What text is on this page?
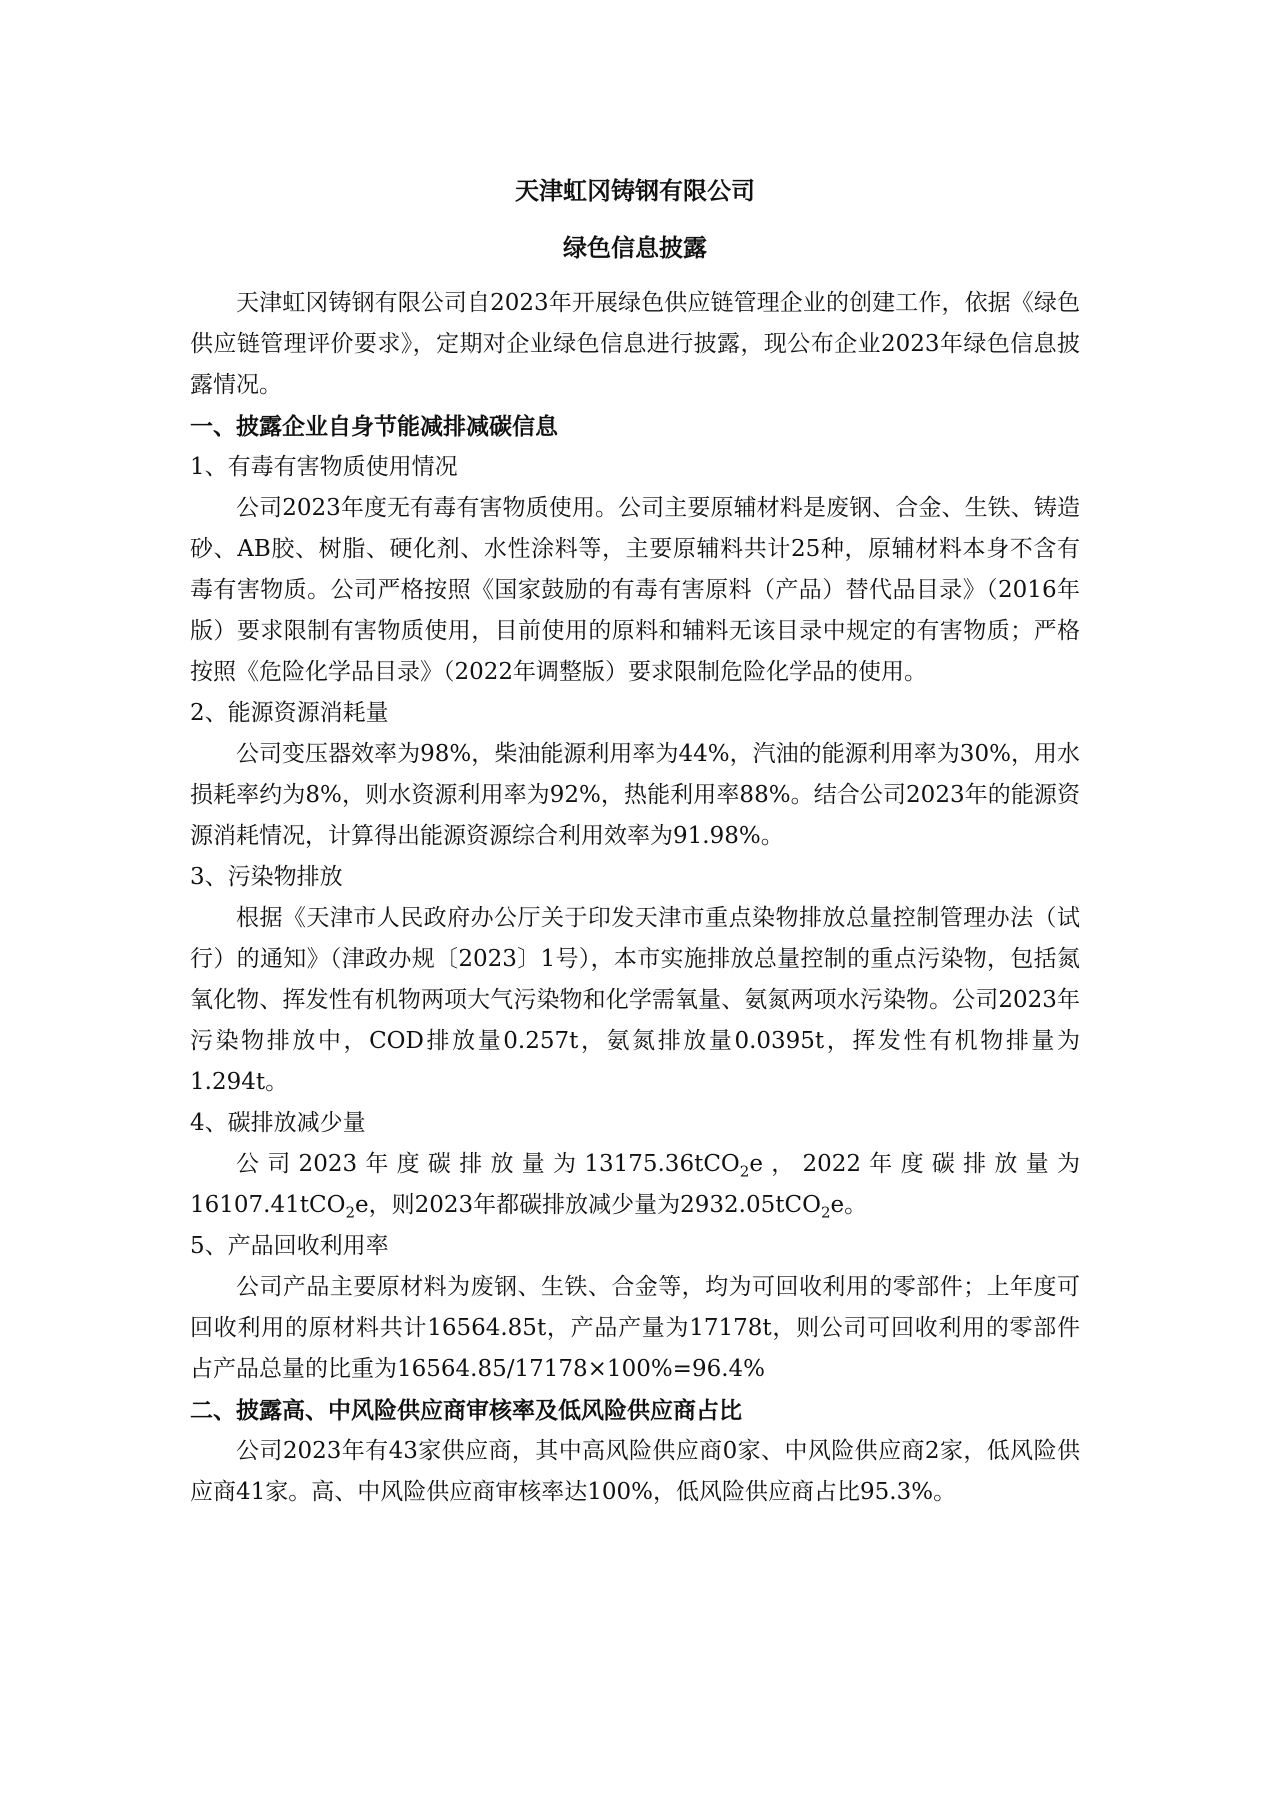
天津虹冈铸钢有限公司

绿色信息披露

天津虹冈铸钢有限公司自2023年开展绿色供应链管理企业的创建工作，依据《绿色供应链管理评价要求》，定期对企业绿色信息进行披露，现公布企业2023年绿色信息披露情况。

一、披露企业自身节能减排减碳信息

1、有毒有害物质使用情况

公司2023年度无有毒有害物质使用。公司主要原辅材料是废钢、合金、生铁、铸造砂、AB胶、树脂、硬化剂、水性涂料等，主要原辅料共计25种，原辅材料本身不含有毒有害物质。公司严格按照《国家鼓励的有毒有害原料（产品）替代品目录》（2016年版）要求限制有害物质使用，目前使用的原料和辅料无该目录中规定的有害物质；严格按照《危险化学品目录》（2022年调整版）要求限制危险化学品的使用。

2、能源资源消耗量

公司变压器效率为98%，柴油能源利用率为44%，汽油的能源利用率为30%，用水损耗率约为8%，则水资源利用率为92%，热能利用率88%。结合公司2023年的能源资源消耗情况，计算得出能源资源综合利用效率为91.98%。

3、污染物排放

根据《天津市人民政府办公厅关于印发天津市重点染物排放总量控制管理办法（试行）的通知》（津政办规〔2023〕1号），本市实施排放总量控制的重点污染物，包括氮氧化物、挥发性有机物两项大气污染物和化学需氧量、氨氮两项水污染物。公司2023年污染物排放中，COD排放量0.257t，氨氮排放量0.0395t，挥发性有机物排量为1.294t。

4、碳排放减少量

公司2023年度碳排放量为13175.36tCO$_2$e，2022年度碳排放量为16107.41tCO$_2$e，则2023年都碳排放减少量为2932.05tCO$_2$e。

5、产品回收利用率

公司产品主要原材料为废钢、生铁、合金等，均为可回收利用的零部件；上年度可回收利用的原材料共计16564.85t，产品产量为17178t，则公司可回收利用的零部件占产品总量的比重为16564.85/17178×100%=96.4%

二、披露高、中风险供应商审核率及低风险供应商占比

公司2023年有43家供应商，其中高风险供应商0家、中风险供应商2家，低风险供应商41家。高、中风险供应商审核率达100%，低风险供应商占比95.3%。
